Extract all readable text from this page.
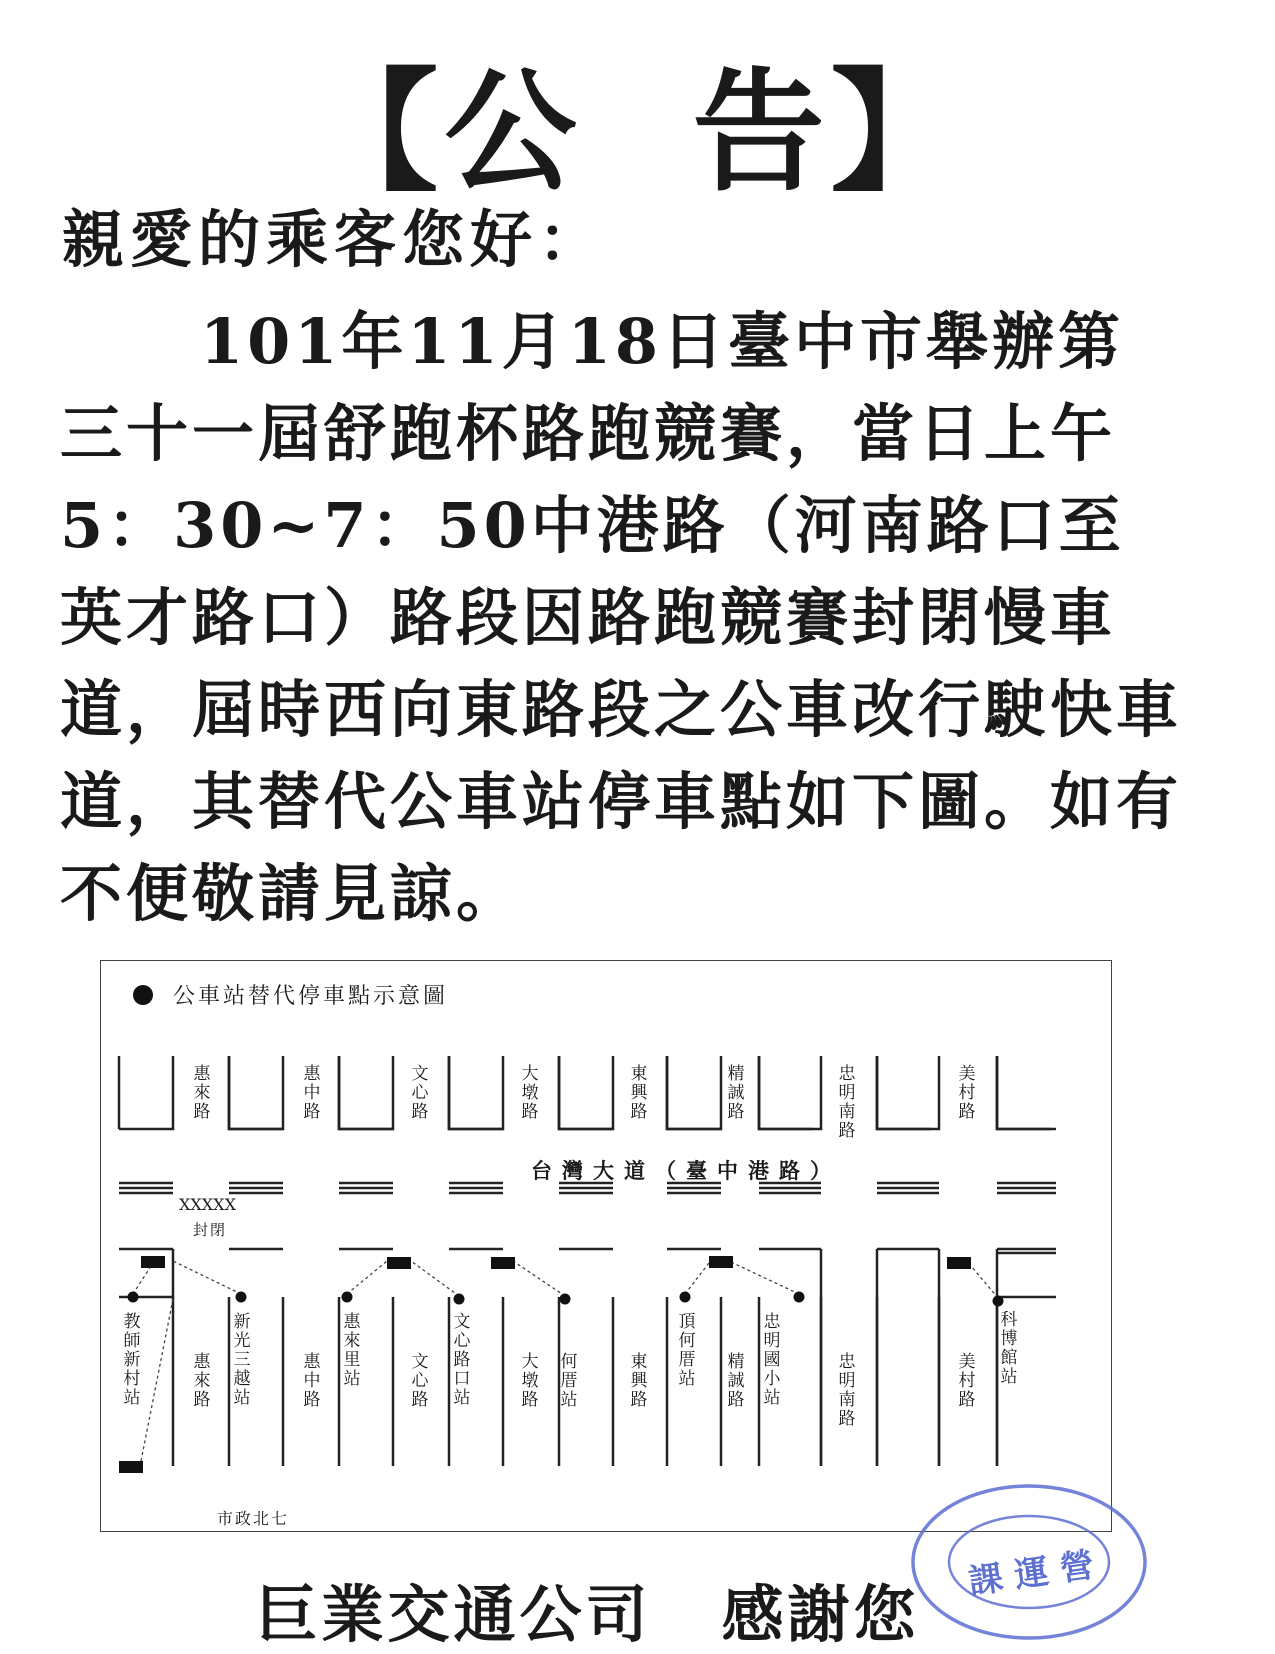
【公 告】
親愛的乘客您好：

101年11月18日臺中市舉辦第三十一屆舒跑杯路跑競賽，當日上午5：30~7：50中港路（河南路口至英才路口）路段因路跑競賽封閉慢車道，屆時西向東路段之公車改行駛快車道，其替代公車站停車點如下圖。如有不便敬請見諒。

公車站替代停車點示意圖
台灣大道（臺中港路）
XXXXX
封閉
市政北七
惠來路
惠中路
文心路
大墩路
東興路
精誠路
忠明南路
美村路
惠來路
惠中路
文心路
大墩路
東興路
精誠路
忠明南路
美村路
教師新村站
新光三越站
惠來里站
文心路口站
何厝站
頂何厝站
忠明國小站
科博館站
巨業交通公司 感謝您
課運營
